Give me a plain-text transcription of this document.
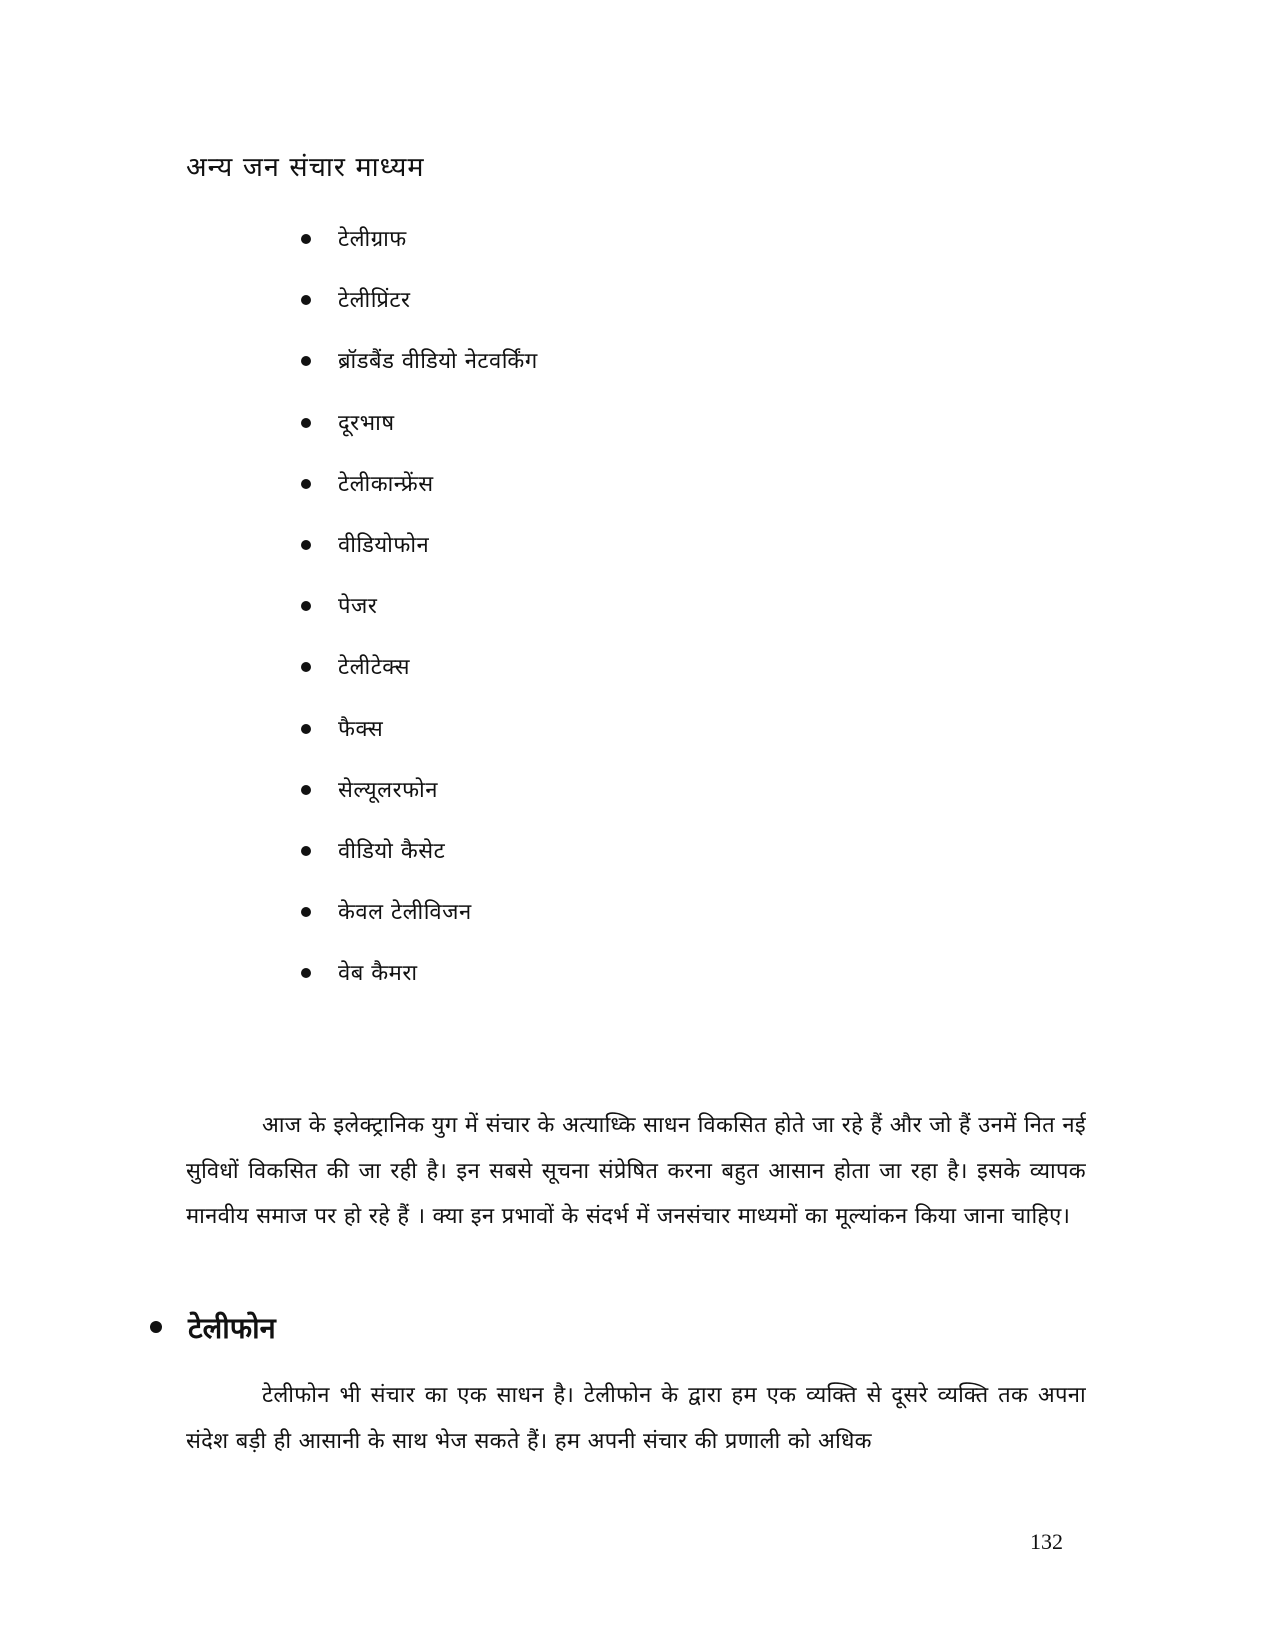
अन्य जन संचार माध्यम
टेलीग्राफ
टेलीप्रिंटर
ब्रॉडबैंड वीडियो नेटवर्किंग
दूरभाष
टेलीकान्फ्रेंस
वीडियोफोन
पेजर
टेलीटेक्स
फैक्स
सेल्यूलरफोन
वीडियो कैसेट
केवल टेलीविजन
वेब कैमरा

आज के इलेक्ट्रानिक युग में संचार के अत्याध्कि साधन विकसित होते जा रहे हैं और जो हैं उनमें नित नई सुविधों विकसित की जा रही है। इन सबसे सूचना संप्रेषित करना बहुत आसान होता जा रहा है। इसके व्यापक मानवीय समाज पर हो रहे हैं । क्या इन प्रभावों के संदर्भ में जनसंचार माध्यमों का मूल्यांकन किया जाना चाहिए।

टेलीफोन

टेलीफोन भी संचार का एक साधन है। टेलीफोन के द्वारा हम एक व्यक्ति से दूसरे व्यक्ति तक अपना संदेश बड़ी ही आसानी के साथ भेज सकते हैं। हम अपनी संचार की प्रणाली को अधिक

132
